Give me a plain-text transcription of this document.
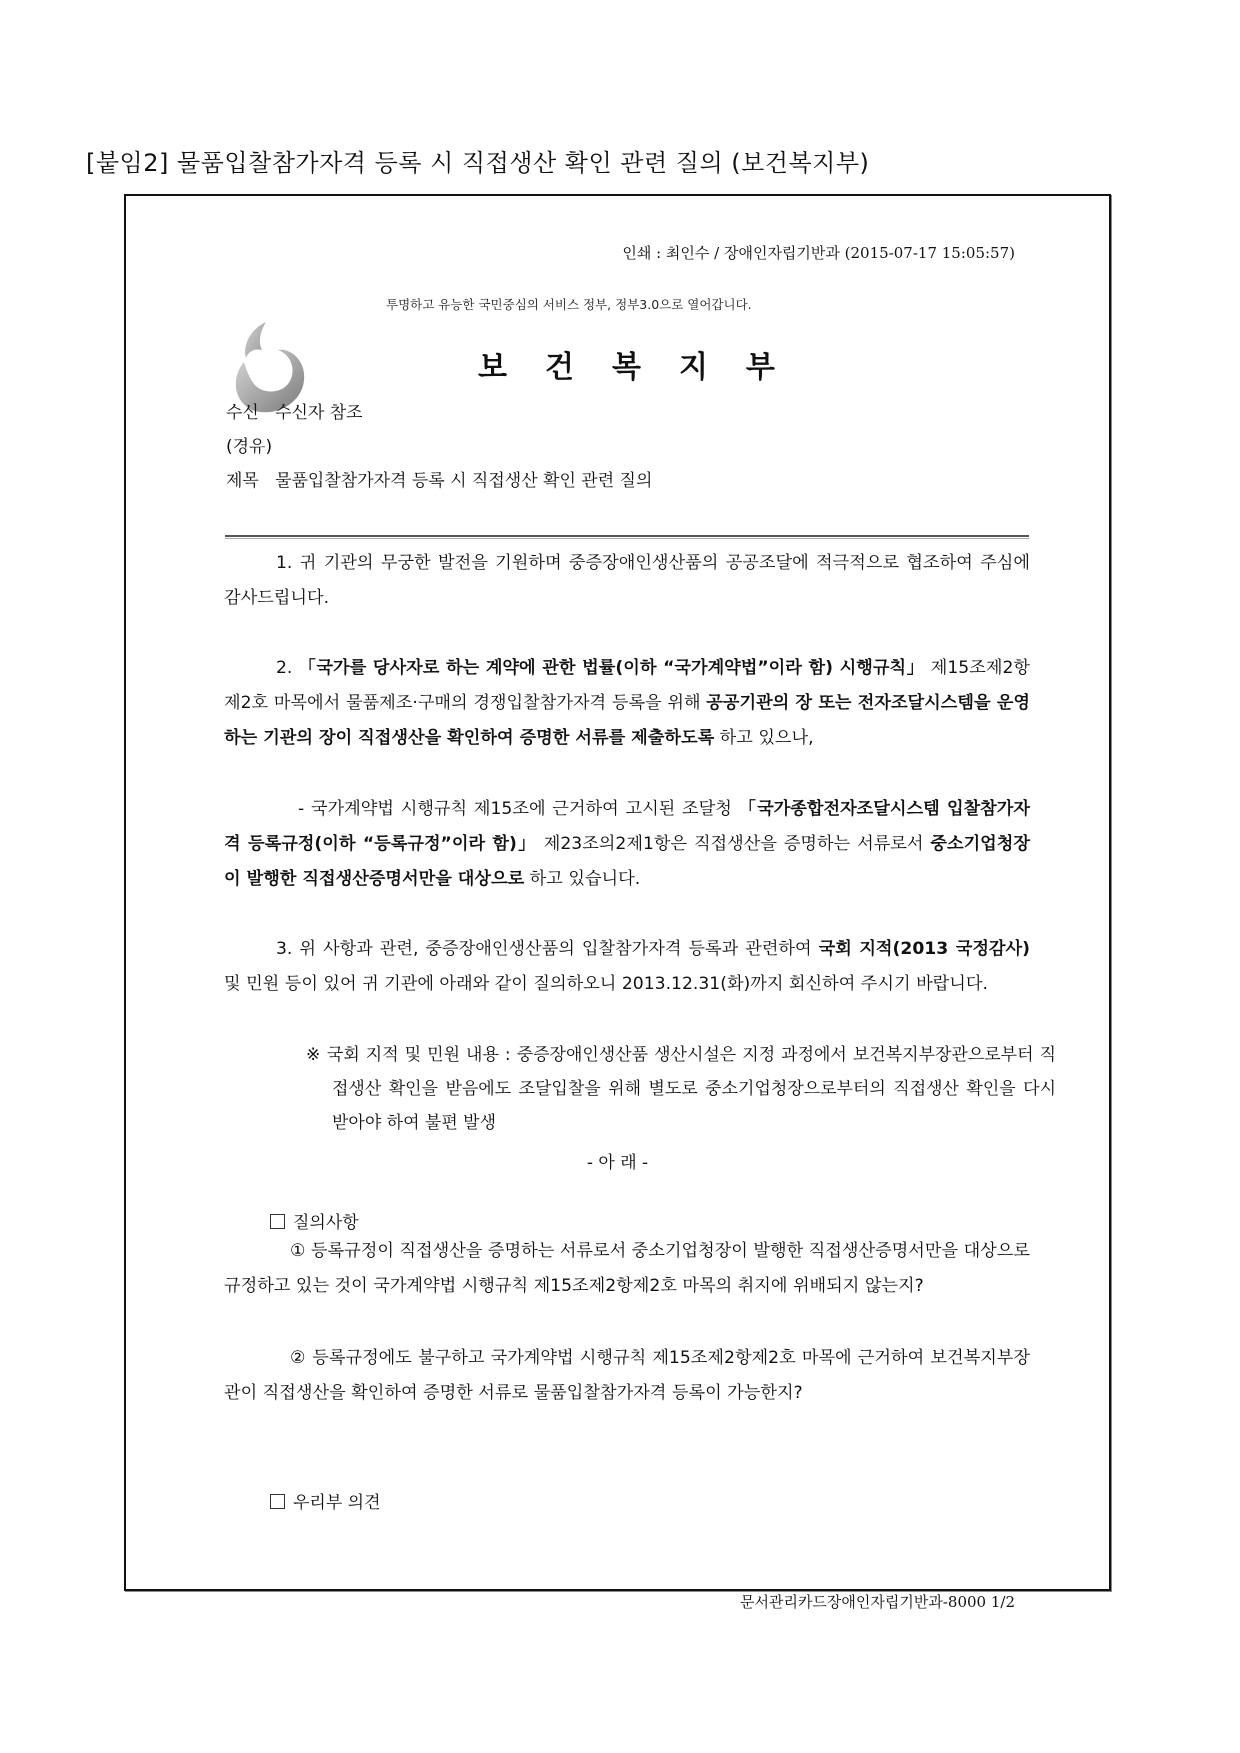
[붙임2] 물품입찰참가자격 등록 시 직접생산 확인 관련 질의 (보건복지부)
인쇄 : 최인수 / 장애인자립기반과 (2015-07-17 15:05:57)
투명하고 유능한 국민중심의 서비스 정부, 정부3.0으로 열어갑니다.
보건복지부
수신 수신자 참조
(경유)
제목 물품입찰참가자격 등록 시 직접생산 확인 관련 질의
1. 귀 기관의 무궁한 발전을 기원하며 중증장애인생산품의 공공조달에 적극적으로 협조하여 주심에 감사드립니다.
2. 「국가를 당사자로 하는 계약에 관한 법률(이하 “국가계약법”이라 함) 시행규칙」 제15조제2항제2호 마목에서 물품제조·구매의 경쟁입찰참가자격 등록을 위해 공공기관의 장 또는 전자조달시스템을 운영하는 기관의 장이 직접생산을 확인하여 증명한 서류를 제출하도록 하고 있으나,
- 국가계약법 시행규칙 제15조에 근거하여 고시된 조달청 「국가종합전자조달시스템 입찰참가자격 등록규정(이하 “등록규정”이라 함)」 제23조의2제1항은 직접생산을 증명하는 서류로서 중소기업청장이 발행한 직접생산증명서만을 대상으로 하고 있습니다.
3. 위 사항과 관련, 중증장애인생산품의 입찰참가자격 등록과 관련하여 국회 지적(2013 국정감사) 및 민원 등이 있어 귀 기관에 아래와 같이 질의하오니 2013.12.31(화)까지 회신하여 주시기 바랍니다.
※ 국회 지적 및 민원 내용 : 중증장애인생산품 생산시설은 지정 과정에서 보건복지부장관으로부터 직접생산 확인을 받음에도 조달입찰을 위해 별도로 중소기업청장으로부터의 직접생산 확인을 다시 받아야 하여 불편 발생
- 아 래 -
질의사항
① 등록규정이 직접생산을 증명하는 서류로서 중소기업청장이 발행한 직접생산증명서만을 대상으로 규정하고 있는 것이 국가계약법 시행규칙 제15조제2항제2호 마목의 취지에 위배되지 않는지?
② 등록규정에도 불구하고 국가계약법 시행규칙 제15조제2항제2호 마목에 근거하여 보건복지부장관이 직접생산을 확인하여 증명한 서류로 물품입찰참가자격 등록이 가능한지?
우리부 의견
문서관리카드장애인자립기반과-8000 1/2
